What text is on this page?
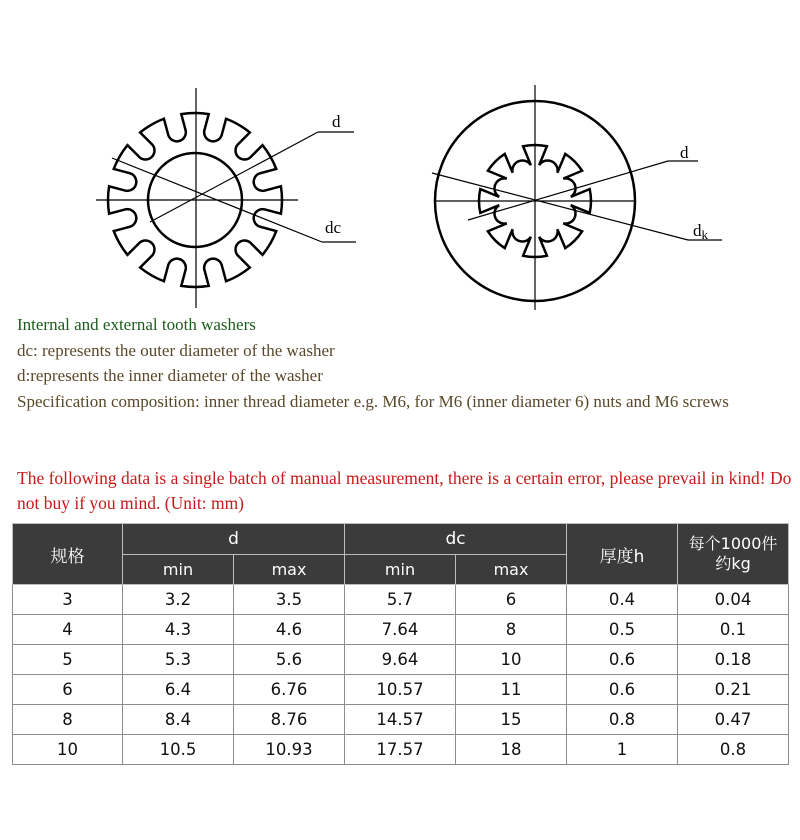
d
dc
d
dk

Internal and external tooth washers

dc: represents the outer diameter of the washer

d:represents the inner diameter of the washer

Specification composition: inner thread diameter e.g. M6, for M6 (inner diameter 6) nuts and M6 screws

The following data is a single batch of manual measurement, there is a certain error, please prevail in kind! Do not buy if you mind. (Unit: mm)

规格	d		dc		厚度h	每个1000件
约kg
	min	max	min	max		
3	3.2	3.5	5.7	6	0.4	0.04
4	4.3	4.6	7.64	8	0.5	0.1
5	5.3	5.6	9.64	10	0.6	0.18
6	6.4	6.76	10.57	11	0.6	0.21
8	8.4	8.76	14.57	15	0.8	0.47
10	10.5	10.93	17.57	18	1	0.8
